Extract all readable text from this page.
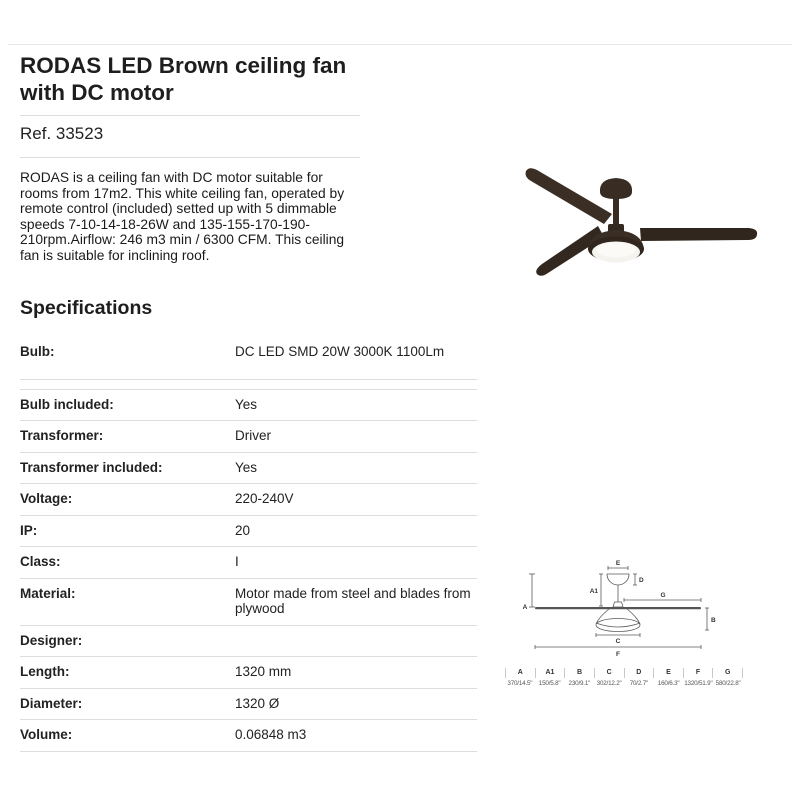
RODAS LED Brown ceiling fan with DC motor
Ref. 33523

RODAS is a ceiling fan with DC motor suitable for rooms from 17m2. This white ceiling fan, operated by remote control (included) setted up with 5 dimmable speeds 7-10-14-18-26W and 135-155-170-190-210rpm.Airflow: 246 m3 min / 6300 CFM. This ceiling fan is suitable for inclining roof.

Specifications
Bulb:	DC LED SMD 20W 3000K 1100Lm
Bulb included:	Yes
Transformer:	Driver
Transformer included:	Yes
Voltage:	220-240V
IP:	20
Class:	I
Material:	Motor made from steel and blades from plywood
Designer:
Length:	1320 mm
Diameter:	1320 Ø
Volume:	0.06848 m3
E
D
A1
A
G
B
C
F
A	A1	B	C	D	E	F	G
370/14.5"	150/5.8"	230/9.1"	302/12.2"	70/2.7"	160/6.3" 1320/51.9" 580/22.8"
